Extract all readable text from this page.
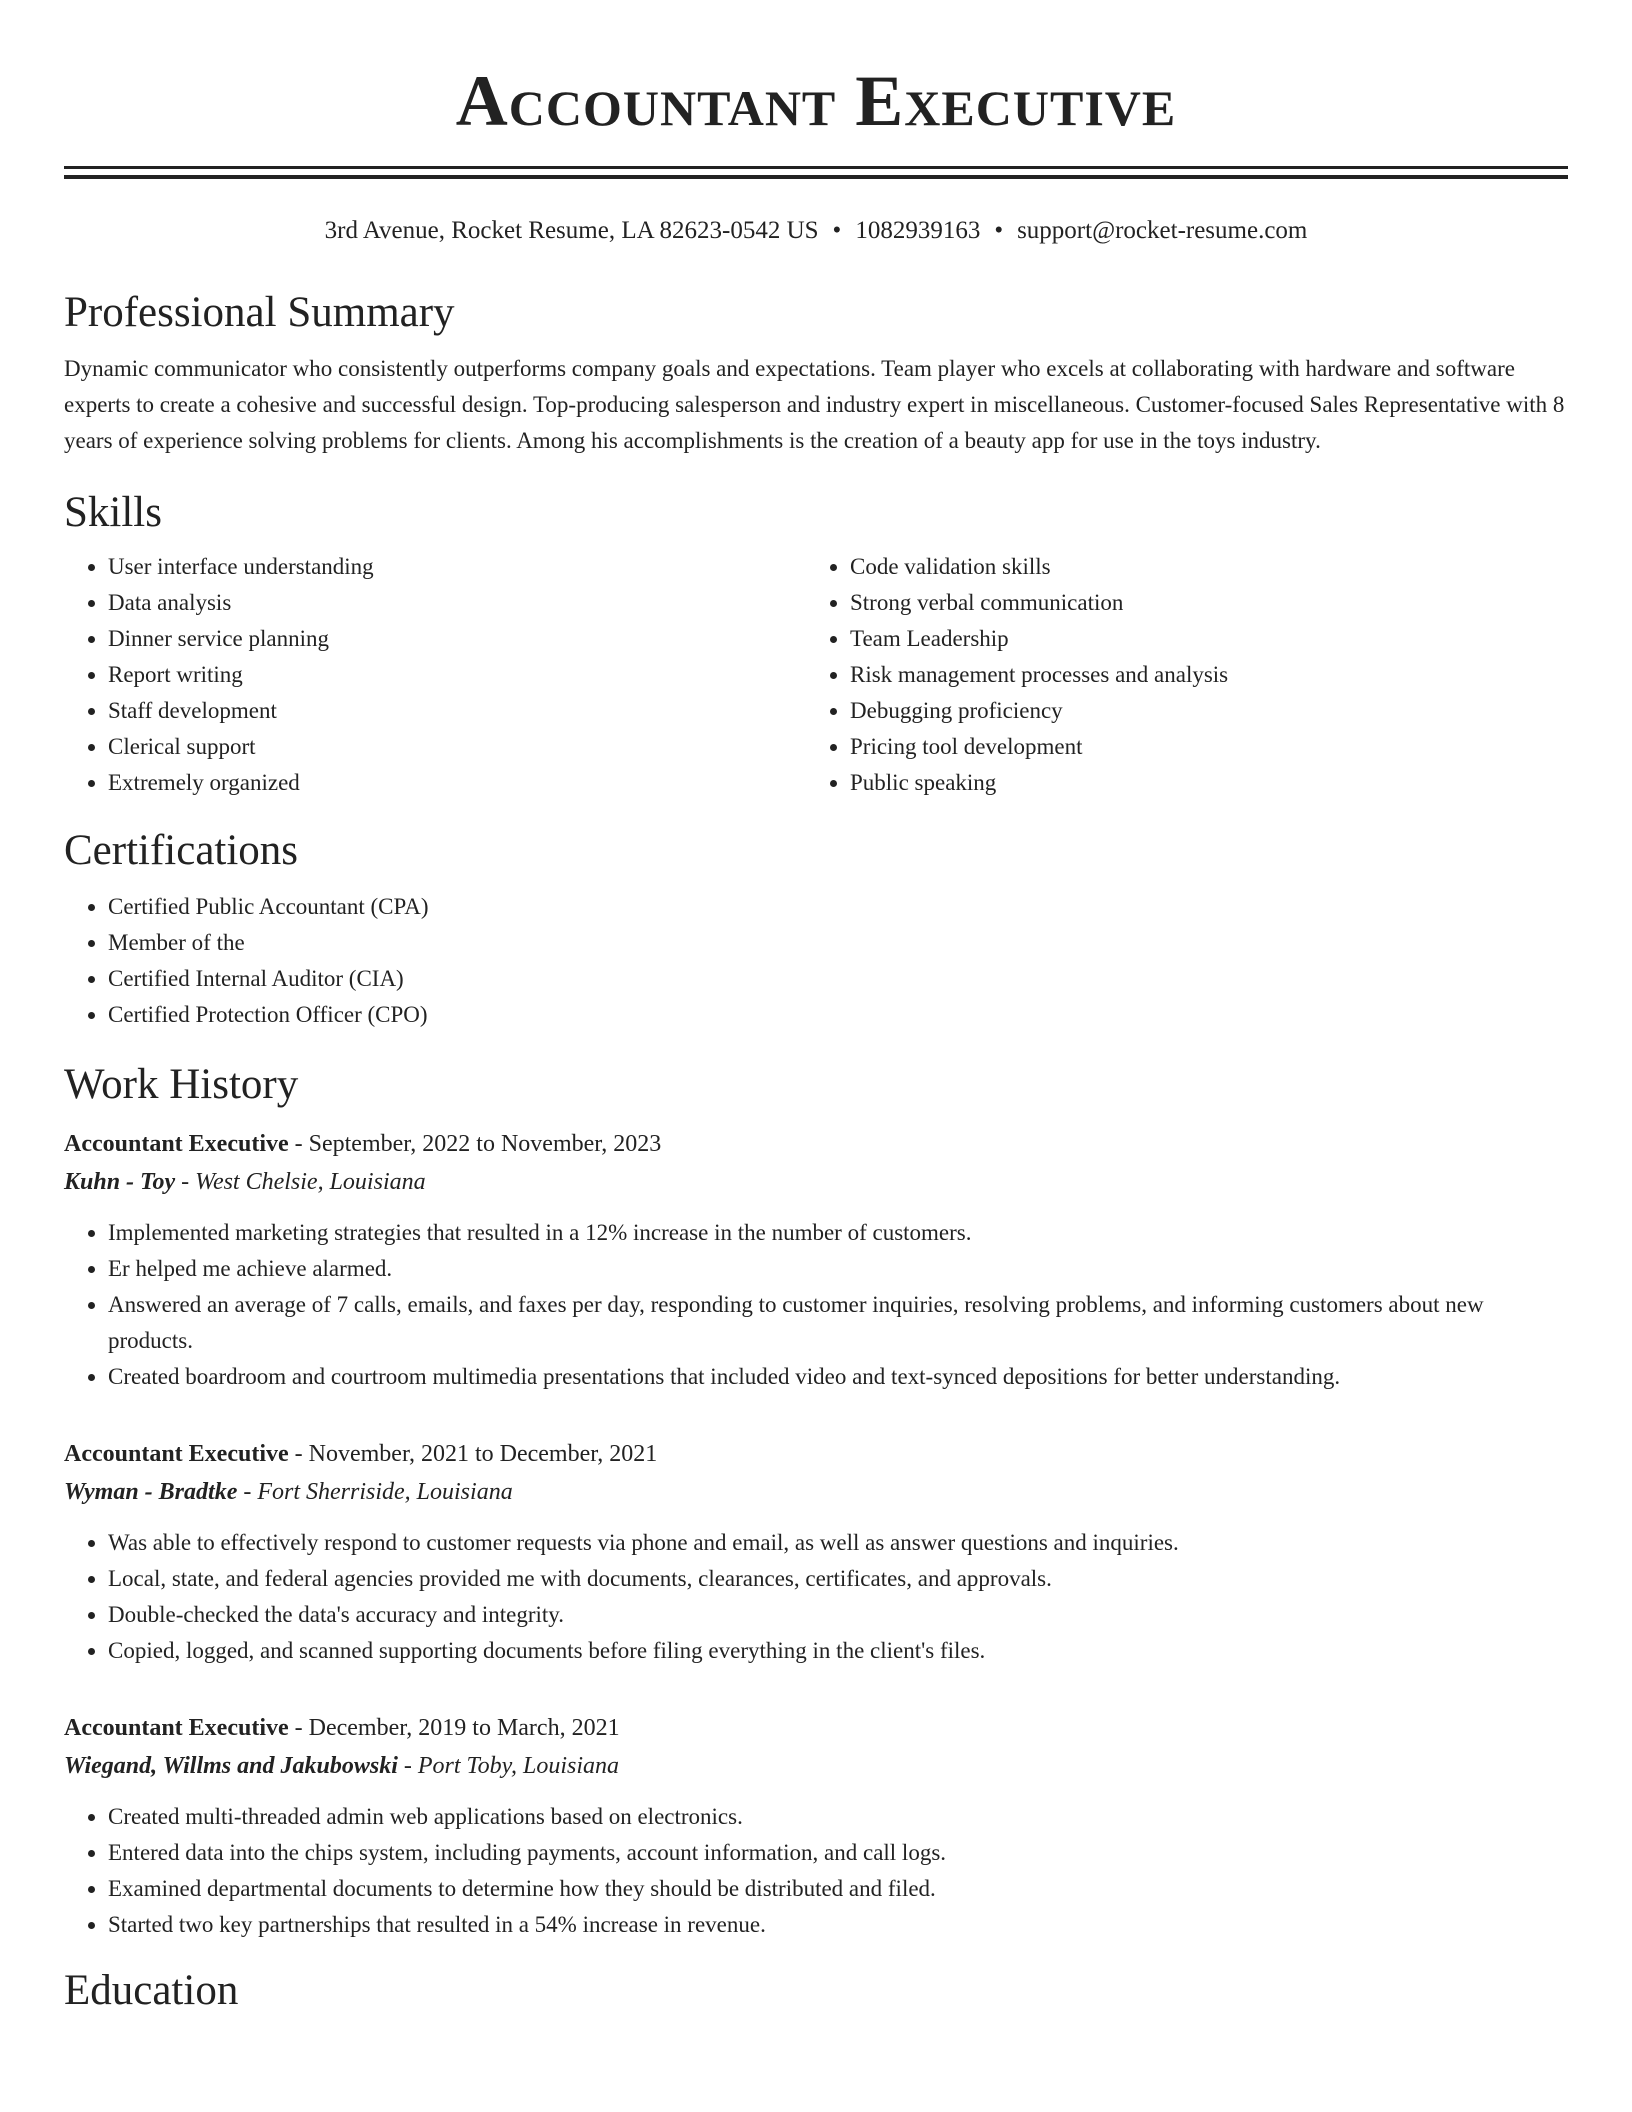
Accountant Executive
3rd Avenue, Rocket Resume, LA 82623-0542 US • 1082939163 • support@rocket-resume.com
Professional Summary

Dynamic communicator who consistently outperforms company goals and expectations. Team player who excels at collaborating with hardware and software experts to create a cohesive and successful design. Top-producing salesperson and industry expert in miscellaneous. Customer-focused Sales Representative with 8 years of experience solving problems for clients. Among his accomplishments is the creation of a beauty app for use in the toys industry.

Skills
• User interface understanding
• Data analysis
• Dinner service planning
• Report writing
• Staff development
• Clerical support
• Extremely organized
• Code validation skills
• Strong verbal communication
• Team Leadership
• Risk management processes and analysis
• Debugging proficiency
• Pricing tool development
• Public speaking
Certifications
• Certified Public Accountant (CPA)
• Member of the
• Certified Internal Auditor (CIA)
• Certified Protection Officer (CPO)
Work History
Accountant Executive - September, 2022 to November, 2023
Kuhn - Toy - West Chelsie, Louisiana
• Implemented marketing strategies that resulted in a 12% increase in the number of customers.
• Er helped me achieve alarmed.
• Answered an average of 7 calls, emails, and faxes per day, responding to customer inquiries, resolving problems, and informing customers about new products.
• Created boardroom and courtroom multimedia presentations that included video and text-synced depositions for better understanding.
Accountant Executive - November, 2021 to December, 2021
Wyman - Bradtke - Fort Sherriside, Louisiana
• Was able to effectively respond to customer requests via phone and email, as well as answer questions and inquiries.
• Local, state, and federal agencies provided me with documents, clearances, certificates, and approvals.
• Double-checked the data's accuracy and integrity.
• Copied, logged, and scanned supporting documents before filing everything in the client's files.
Accountant Executive - December, 2019 to March, 2021
Wiegand, Willms and Jakubowski - Port Toby, Louisiana
• Created multi-threaded admin web applications based on electronics.
• Entered data into the chips system, including payments, account information, and call logs.
• Examined departmental documents to determine how they should be distributed and filed.
• Started two key partnerships that resulted in a 54% increase in revenue.
Education
